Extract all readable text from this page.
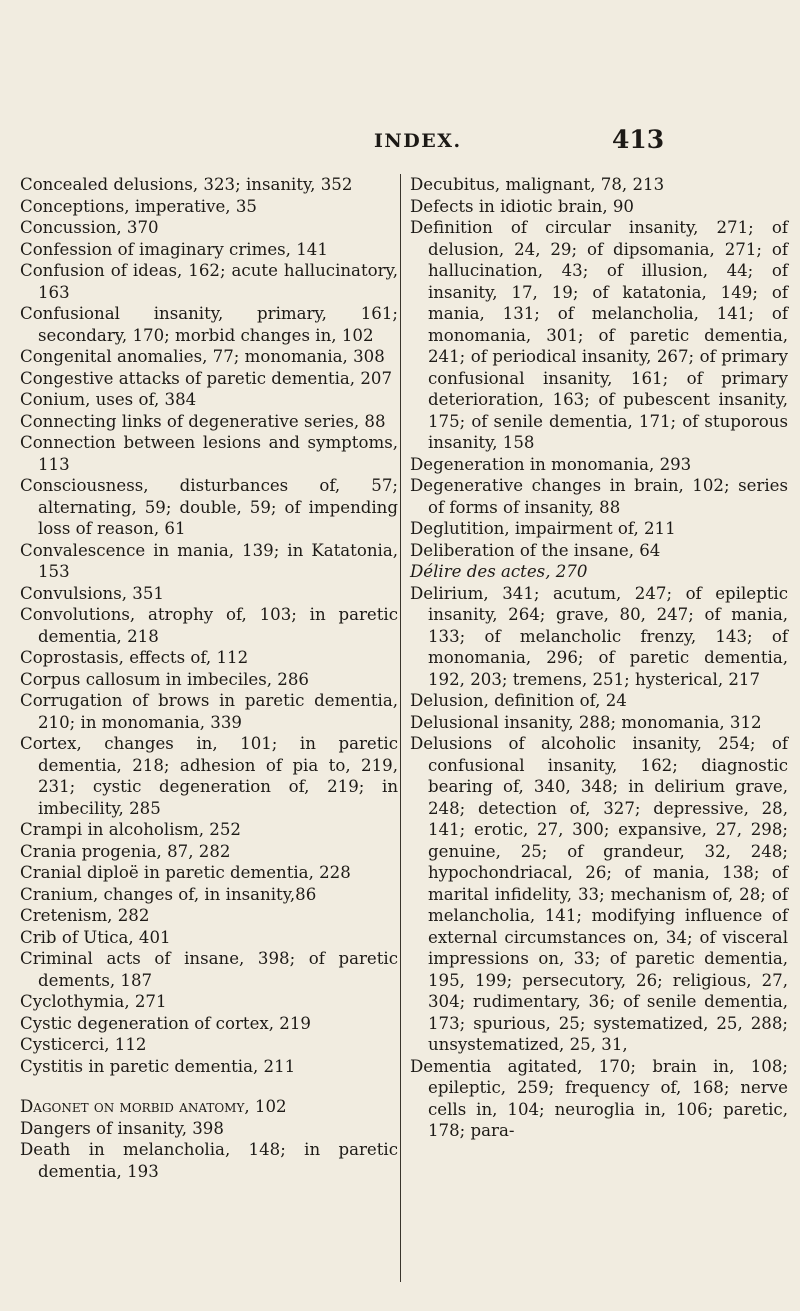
INDEX.	413

Concealed delusions, 323; insanity, 352

Conceptions, imperative, 35

Concussion, 370

Confession of imaginary crimes, 141

Confusion of ideas, 162; acute hallucinatory, 163

Confusional insanity, primary, 161; secondary, 170; morbid changes in, 102

Congenital anomalies, 77; monomania, 308

Congestive attacks of paretic dementia, 207

Conium, uses of, 384

Connecting links of degenerative series, 88

Connection between lesions and symptoms, 113

Consciousness, disturbances of, 57; alternating, 59; double, 59; of impending loss of reason, 61

Convalescence in mania, 139; in Katatonia, 153

Convulsions, 351

Convolutions, atrophy of, 103; in paretic dementia, 218

Coprostasis, effects of, 112

Corpus callosum in imbeciles, 286

Corrugation of brows in paretic dementia, 210; in monomania, 339

Cortex, changes in, 101; in paretic dementia, 218; adhesion of pia to, 219, 231; cystic degeneration of, 219; in imbecility, 285

Crampi in alcoholism, 252

Crania progenia, 87, 282

Cranial diploë in paretic dementia, 228

Cranium, changes of, in insanity,86

Cretenism, 282

Crib of Utica, 401

Criminal acts of insane, 398; of paretic dements, 187

Cyclothymia, 271

Cystic degeneration of cortex, 219

Cysticerci, 112

Cystitis in paretic dementia, 211

Dagonet on morbid anatomy, 102

Dangers of insanity, 398

Death in melancholia, 148; in paretic dementia, 193

Decubitus, malignant, 78, 213

Defects in idiotic brain, 90

Definition of circular insanity, 271; of delusion, 24, 29; of dipsomania, 271; of hallucination, 43; of illusion, 44; of insanity, 17, 19; of katatonia, 149; of mania, 131; of melancholia, 141; of monomania, 301; of paretic dementia, 241; of periodical insanity, 267; of primary confusional insanity, 161; of primary deterioration, 163; of pubescent insanity, 175; of senile dementia, 171; of stuporous insanity, 158

Degeneration in monomania, 293

Degenerative changes in brain, 102; series of forms of insanity, 88

Deglutition, impairment of, 211

Deliberation of the insane, 64

Délire des actes, 270

Delirium, 341; acutum, 247; of epileptic insanity, 264; grave, 80, 247; of mania, 133; of melancholic frenzy, 143; of monomania, 296; of paretic dementia, 192, 203; tremens, 251; hysterical, 217

Delusion, definition of, 24

Delusional insanity, 288; monomania, 312

Delusions of alcoholic insanity, 254; of confusional insanity, 162; diagnostic bearing of, 340, 348; in delirium grave, 248; detection of, 327; depressive, 28, 141; erotic, 27, 300; expansive, 27, 298; genuine, 25; of grandeur, 32, 248; hypochondriacal, 26; of mania, 138; of marital infidelity, 33; mechanism of, 28; of melancholia, 141; modifying influence of external circumstances on, 34; of visceral impressions on, 33; of paretic dementia, 195, 199; persecutory, 26; religious, 27, 304; rudimentary, 36; of senile dementia, 173; spurious, 25; systematized, 25, 288; unsystematized, 25, 31,

Dementia agitated, 170; brain in, 108; epileptic, 259; frequency of, 168; nerve cells in, 104; neuroglia in, 106; paretic, 178; para-
